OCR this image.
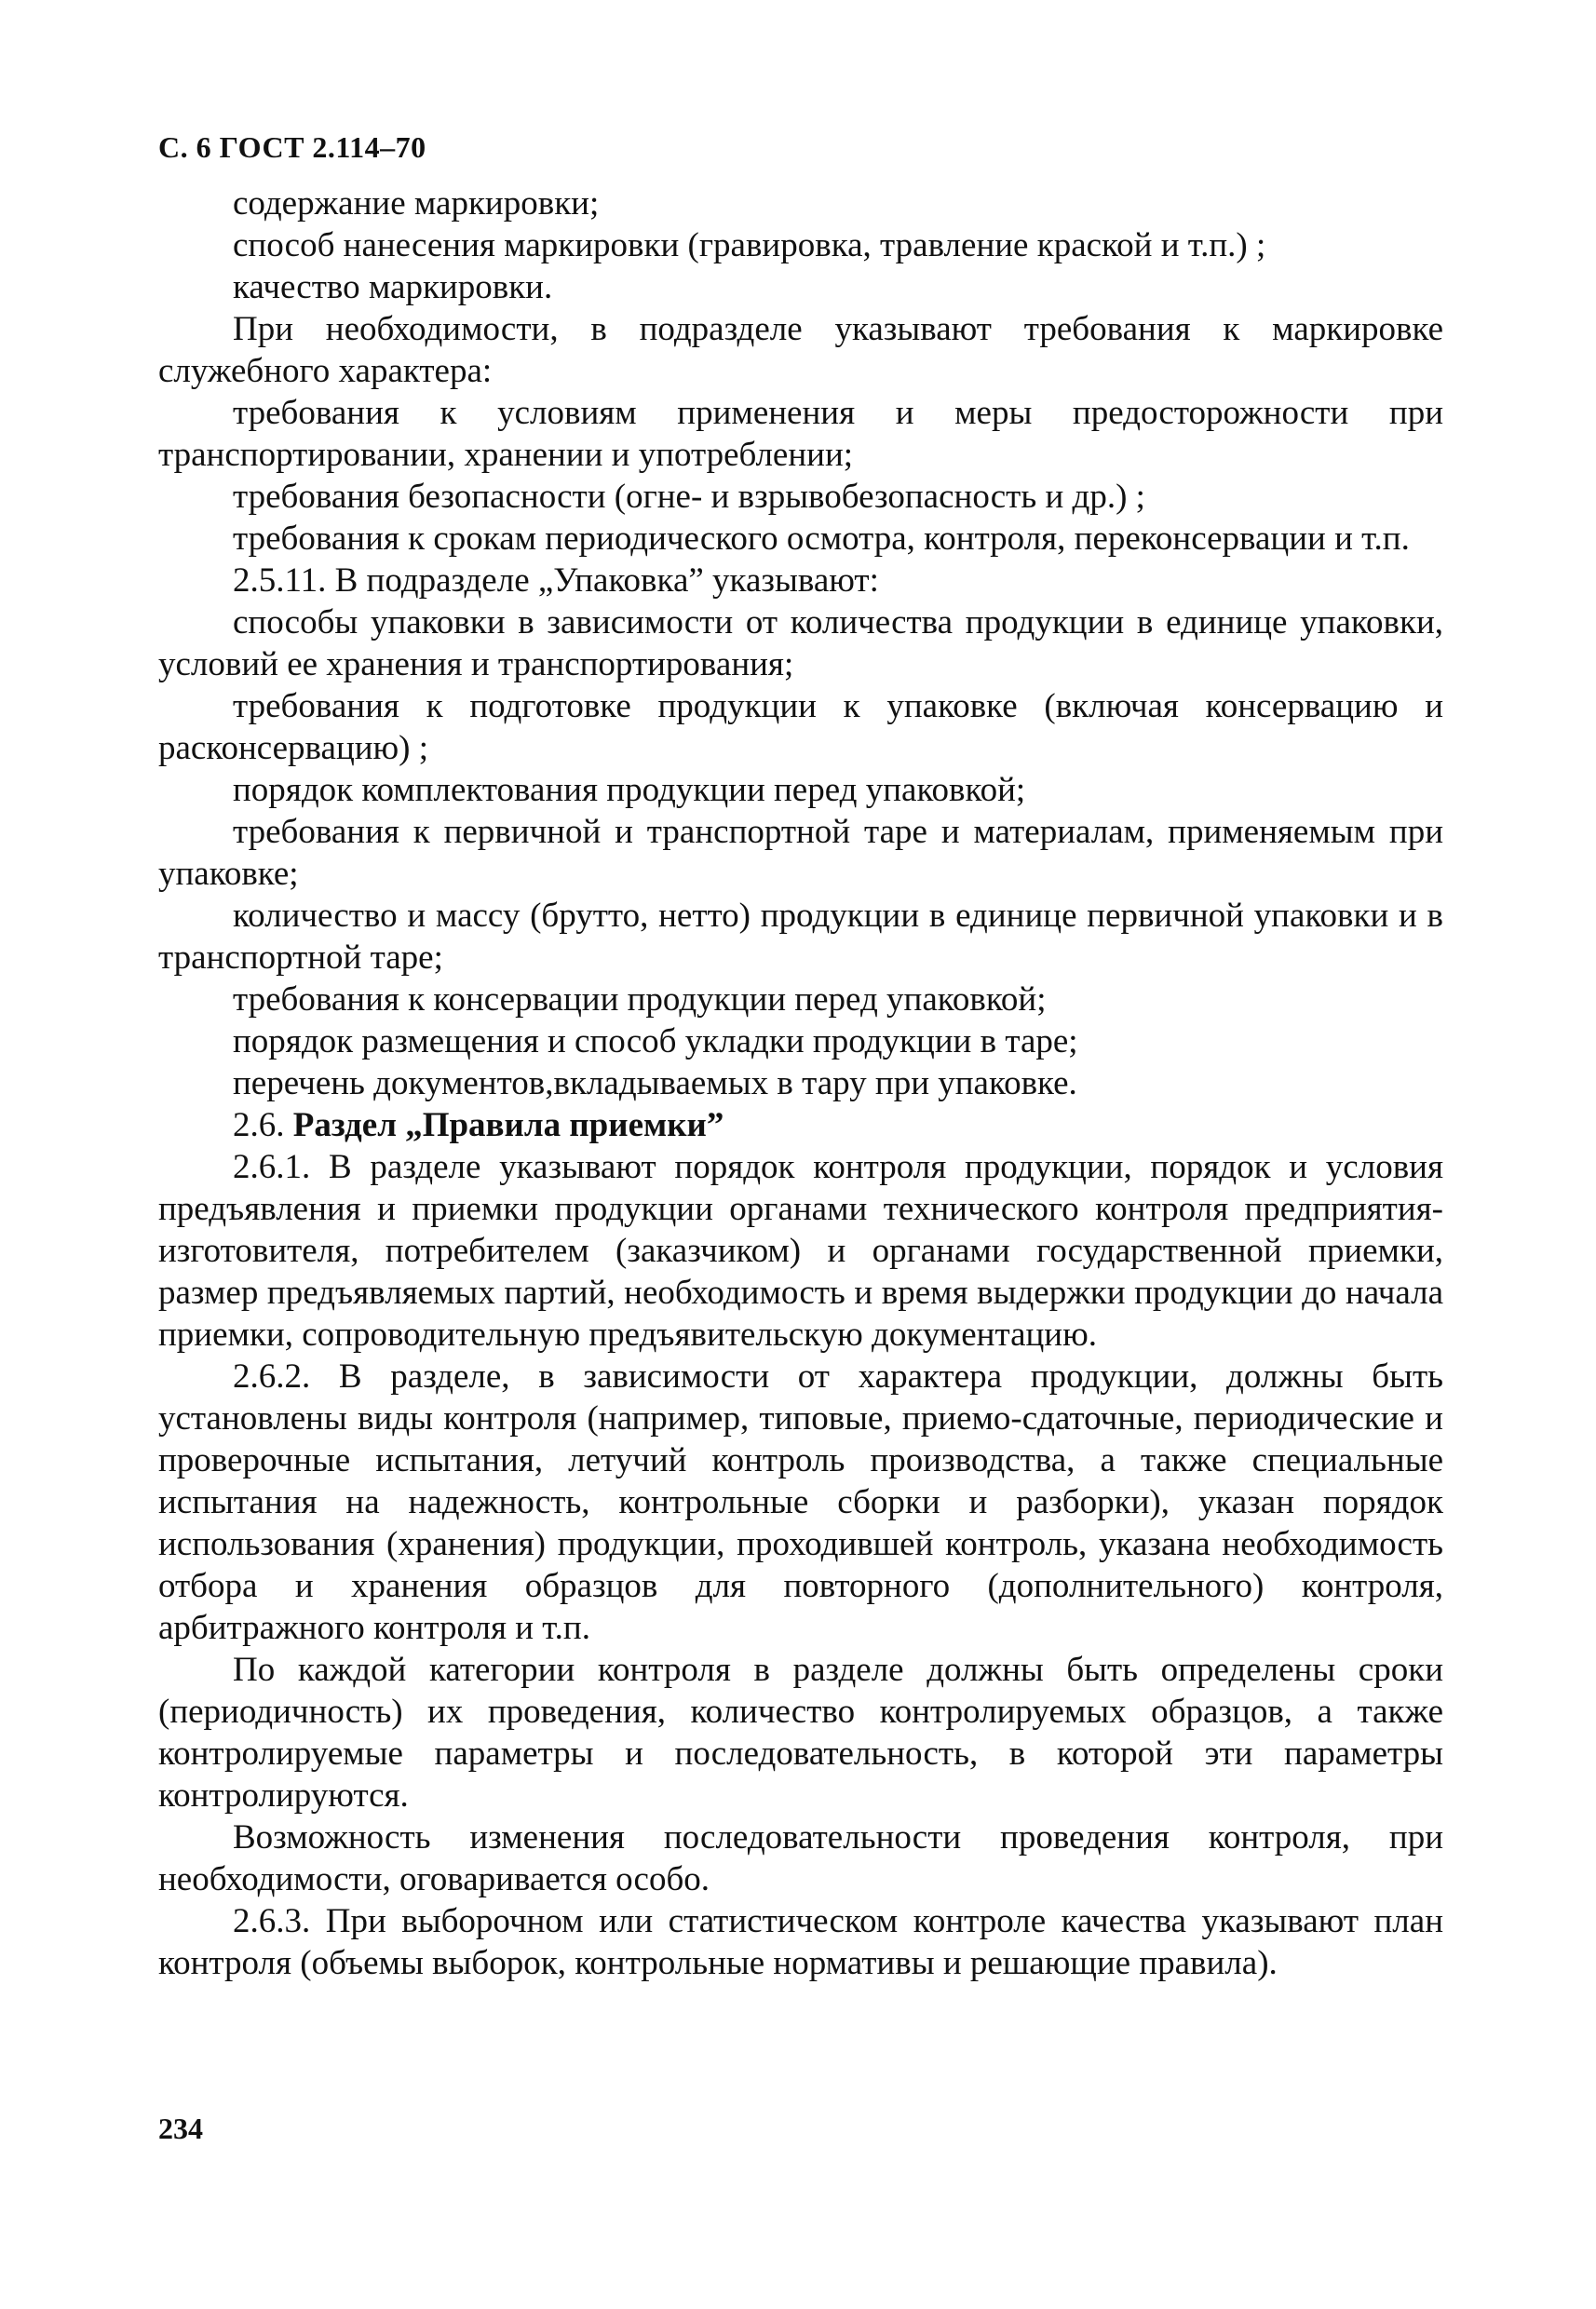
С. 6 ГОСТ 2.114–70

содержание маркировки;

способ нанесения маркировки (гравировка, травление краской и т.п.) ;

качество маркировки.

При необходимости, в подразделе указывают требования к маркировке служебного характера:

требования к условиям применения и меры предосторожности при транспортировании, хранении и употреблении;

требования безопасности (огне- и взрывобезопасность и др.) ;

требования к срокам периодического осмотра, контроля, переконсервации и т.п.

2.5.11. В подразделе „Упаковка” указывают:

способы упаковки в зависимости от количества продукции в единице упаковки, условий ее хранения и транспортирования;

требования к подготовке продукции к упаковке (включая консервацию и расконсервацию) ;

порядок комплектования продукции перед упаковкой;

требования к первичной и транспортной таре и материалам, применяемым при упаковке;

количество и массу (брутто, нетто) продукции в единице первичной упаковки и в транспортной таре;

требования к консервации продукции перед упаковкой;

порядок размещения и способ укладки продукции в таре;

перечень документов,вкладываемых в тару при упаковке.

2.6. Раздел „Правила приемки”

2.6.1. В разделе указывают порядок контроля продукции, порядок и условия предъявления и приемки продукции органами технического контроля предприятия-изготовителя, потребителем (заказчиком) и органами государственной приемки, размер предъявляемых партий, необходимость и время выдержки продукции до начала приемки, сопроводительную предъявительскую документацию.

2.6.2. В разделе, в зависимости от характера продукции, должны быть установлены виды контроля (например, типовые, приемо-сдаточные, периодические и проверочные испытания, летучий контроль производства, а также специальные испытания на надежность, контрольные сборки и разборки), указан порядок использования (хранения) продукции, проходившей контроль, указана необходимость отбора и хранения образцов для повторного (дополнительного) контроля, арбитражного контроля и т.п.

По каждой категории контроля в разделе должны быть определены сроки (периодичность) их проведения, количество контролируемых образцов, а также контролируемые параметры и последовательность, в которой эти параметры контролируются.

Возможность изменения последовательности проведения контроля, при необходимости, оговаривается особо.

2.6.3. При выборочном или статистическом контроле качества указывают план контроля (объемы выборок, контрольные нормативы и решающие правила).

234
